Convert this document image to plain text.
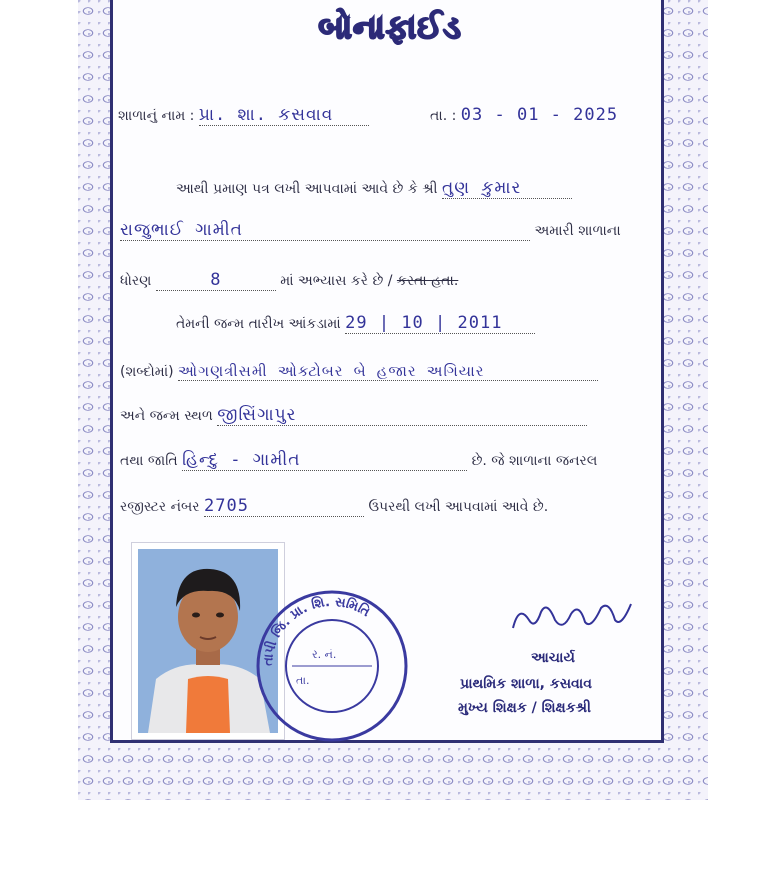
બોનાફાઈડ
શાળાનું નામ : પ્રા. શા. કસવાવ	તા. : 03 - 01 - 2025
આથી પ્રમાણ પત્ર લખી આપવામાં આવે છે કે શ્રી તુણ કુમાર
રાજુભાઈ ગામીત	અમારી શાળાના
ધોરણ	8	માં અભ્યાસ કરે છે / કરતા હતા.
તેમની જન્મ તારીખ આંકડામાં 29 | 10 | 2011
(શબ્દોમાં) ઓગણત્રીસમી ઓક્ટોબર બે હજાર અગિયાર
અને જન્મ સ્થળ જીસિંગાપુર
તથા જાતિ હિન્દુ - ગામીત	છે. જે શાળાના જનરલ
રજીસ્ટર નંબર 2705	ઉપરથી લખી આપવામાં આવે છે.
તાપી જિ. પ્રા. શિ. સમિતિ
ર. નં.
તા.
આચાર્ય
પ્રાથમિક શાળા, કસવાવ
મુખ્ય શિક્ષક / શિક્ષકશ્રી
